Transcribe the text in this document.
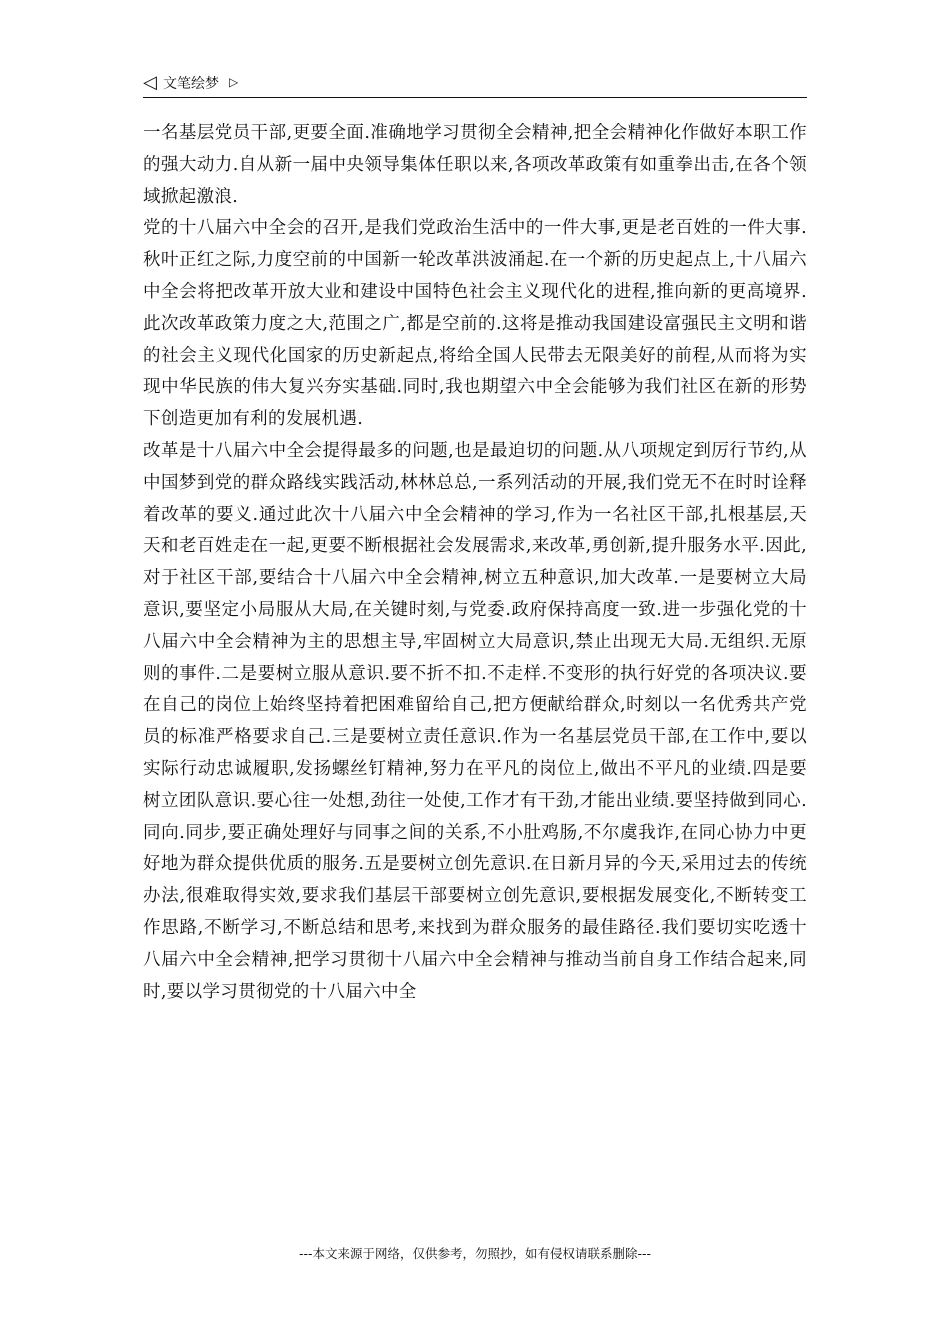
◁ 文笔绘梦 ▷

一名基层党员干部,更要全面.准确地学习贯彻全会精神,把全会精神化作做好本职工作的强大动力.自从新一届中央领导集体任职以来,各项改革政策有如重拳出击,在各个领域掀起激浪.

党的十八届六中全会的召开,是我们党政治生活中的一件大事,更是老百姓的一件大事.秋叶正红之际,力度空前的中国新一轮改革洪波涌起.在一个新的历史起点上,十八届六中全会将把改革开放大业和建设中国特色社会主义现代化的进程,推向新的更高境界.此次改革政策力度之大,范围之广,都是空前的.这将是推动我国建设富强民主文明和谐的社会主义现代化国家的历史新起点,将给全国人民带去无限美好的前程,从而将为实现中华民族的伟大复兴夯实基础.同时,我也期望六中全会能够为我们社区在新的形势下创造更加有利的发展机遇.

改革是十八届六中全会提得最多的问题,也是最迫切的问题.从八项规定到厉行节约,从中国梦到党的群众路线实践活动,林林总总,一系列活动的开展,我们党无不在时时诠释着改革的要义.通过此次十八届六中全会精神的学习,作为一名社区干部,扎根基层,天天和老百姓走在一起,更要不断根据社会发展需求,来改革,勇创新,提升服务水平.因此,对于社区干部,要结合十八届六中全会精神,树立五种意识,加大改革.一是要树立大局意识,要坚定小局服从大局,在关键时刻,与党委.政府保持高度一致.进一步强化党的十八届六中全会精神为主的思想主导,牢固树立大局意识,禁止出现无大局.无组织.无原则的事件.二是要树立服从意识.要不折不扣.不走样.不变形的执行好党的各项决议.要在自己的岗位上始终坚持着把困难留给自己,把方便献给群众,时刻以一名优秀共产党员的标准严格要求自己.三是要树立责任意识.作为一名基层党员干部,在工作中,要以实际行动忠诚履职,发扬螺丝钉精神,努力在平凡的岗位上,做出不平凡的业绩.四是要树立团队意识.要心往一处想,劲往一处使,工作才有干劲,才能出业绩.要坚持做到同心.同向.同步,要正确处理好与同事之间的关系,不小肚鸡肠,不尔虞我诈,在同心协力中更好地为群众提供优质的服务.五是要树立创先意识.在日新月异的今天,采用过去的传统办法,很难取得实效,要求我们基层干部要树立创先意识,要根据发展变化,不断转变工作思路,不断学习,不断总结和思考,来找到为群众服务的最佳路径.我们要切实吃透十八届六中全会精神,把学习贯彻十八届六中全会精神与推动当前自身工作结合起来,同时,要以学习贯彻党的十八届六中全

---本文来源于网络，仅供参考，勿照抄，如有侵权请联系删除---
